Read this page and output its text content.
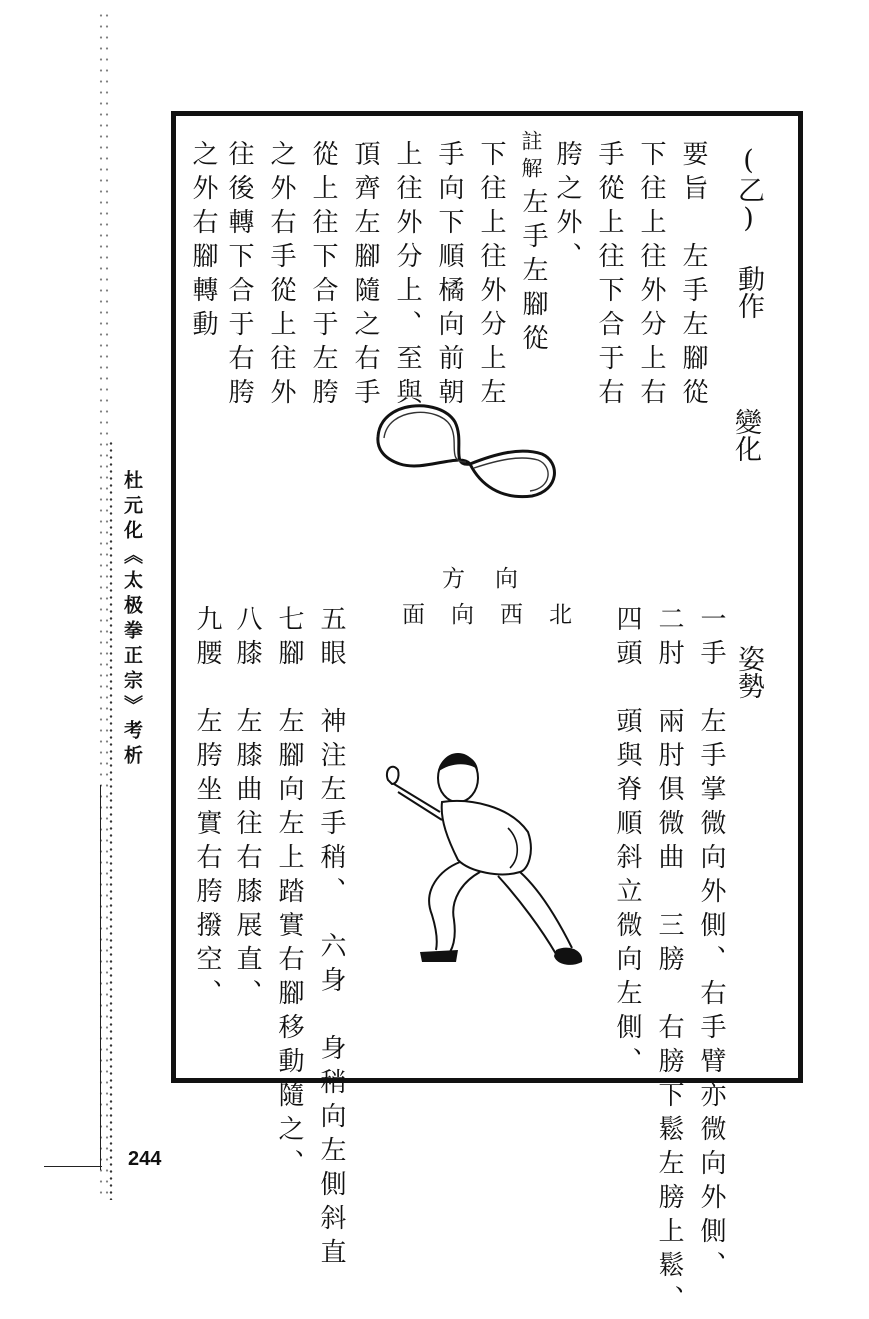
杜元化《太极拳正宗》考析
244
(乙) 動作
要旨　左手左腳從
下往上往外分上右
手從上往下合于右
胯之外、
註解
左手左腳從
下往上往外分上左
手向下順橘向前朝
上往外分上、至與
頂齊左腳隨之右手
從上往下合于左胯
之外右手從上往外
往後轉下合于右胯
之外右腳轉動
變化
方向
面向西北
姿勢
一手　左手掌微向外側、右手臂亦微向外側、
二肘　兩肘俱微曲　三膀　右膀下鬆左膀上鬆、
四頭　頭與脊順斜立微向左側、
五眼　神注左手稍、　六身　身稍向左側斜直
七腳　左腳向左上踏實右腳移動隨之、
八膝　左膝曲往右膝展直、
九腰　左胯坐實右胯撥空、
